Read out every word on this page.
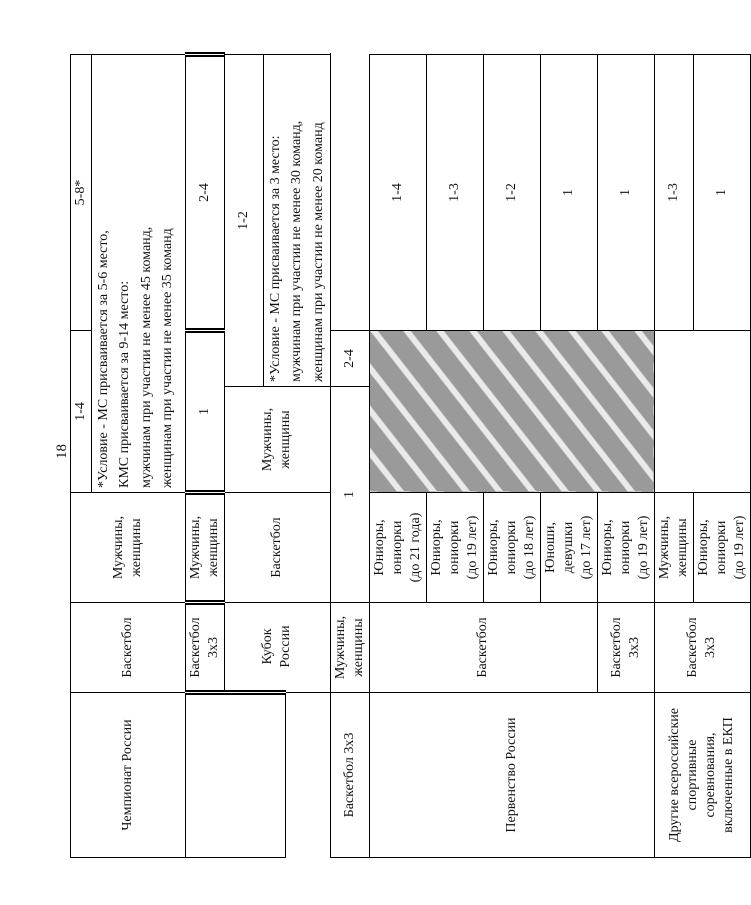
18
Чемпионат России	Баскетбол	Мужчины, женщины	1-4		5-8*	

			*Условие - МС присваивается за 5-6 место, КМС присваивается за 9-14 место: мужчинам при участии не менее 45 команд, женщинам при участии не менее 35 команд			

	Баскетбол 3х3	Мужчины, женщины	1		2-4	
	Кубок России	Баскетбол	Мужчины, женщины	1-2	

				*Условие - МС присваивается за 3 место: мужчинам при участии не менее 30 команд, женщинам при участии не менее 20 команд		

Баскетбол 3х3	Мужчины, женщины	1		2-4		
Первенство России	Баскетбол	Юниоры, юниорки (до 21 года)			1-4	

		Юниоры, юниорки (до 19 лет)			1-3	

		Юниоры, юниорки (до 18 лет)			1-2	

		Юноши, девушки (до 17 лет)			1	
	Баскетбол 3х3	Юниоры, юниорки (до 19 лет)			1	

Другие всероссийские спортивные соревнования, включенные в ЕКП	Баскетбол 3х3	Мужчины, женщины			1-3	

		Юниоры, юниорки (до 19 лет)			1	
